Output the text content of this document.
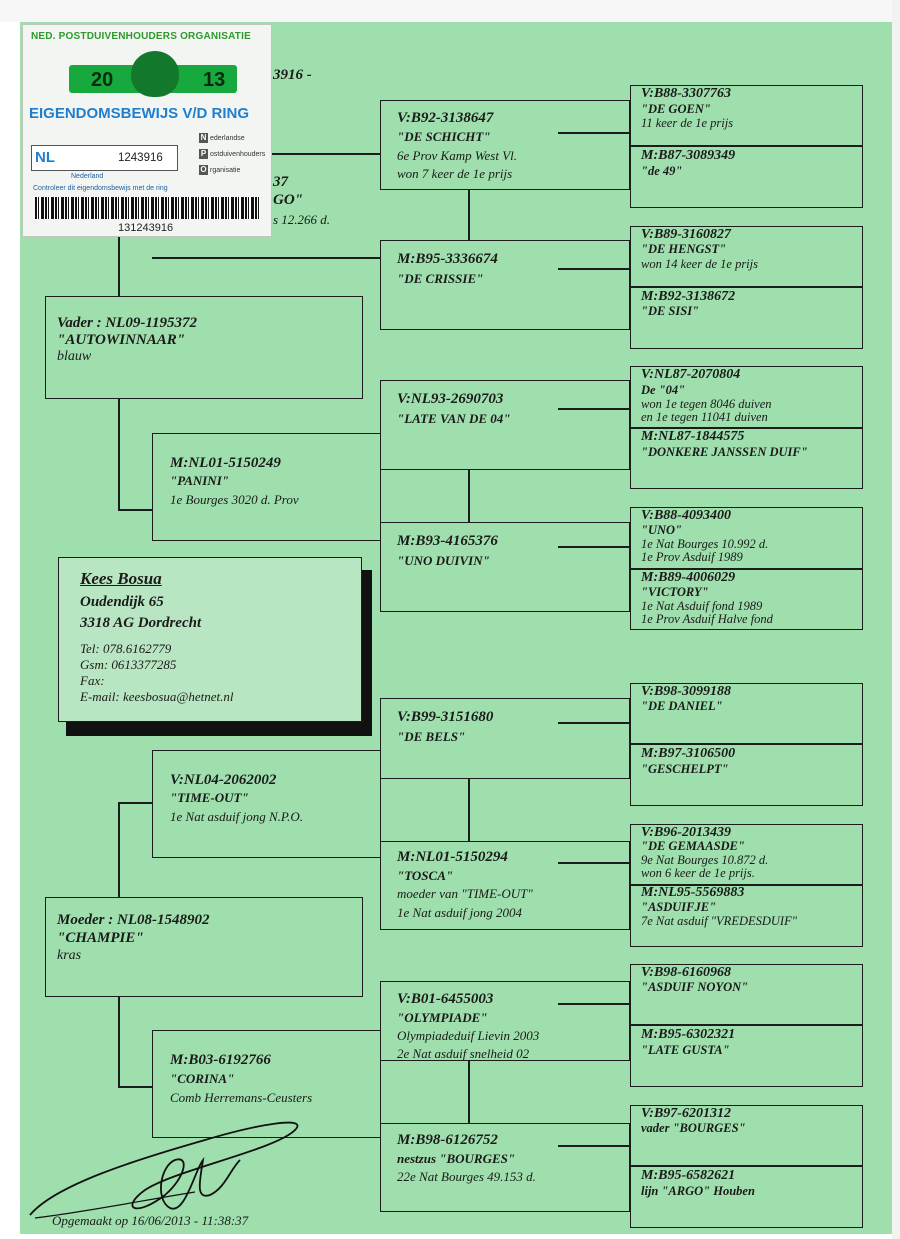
3916 -
37
GO"
s 12.266 d.
V:B92-3138647
"DE SCHICHT"
6e Prov Kamp West Vl.
won 7 keer de 1e prijs
M:B95-3336674
"DE CRISSIE"
V:NL93-2690703
"LATE VAN DE 04"
M:B93-4165376
"UNO DUIVIN"
V:B99-3151680
"DE BELS"
M:NL01-5150294
"TOSCA"
moeder van "TIME-OUT"
1e Nat asduif jong 2004
V:B01-6455003
"OLYMPIADE"
Olympiadeduif Lievin 2003
2e Nat asduif snelheid 02
M:B98-6126752
nestzus "BOURGES"
22e Nat Bourges 49.153 d.
V:B88-3307763
"DE GOEN"
11 keer de 1e prijs
M:B87-3089349
"de 49"
V:B89-3160827
"DE HENGST"
won 14 keer de 1e prijs
M:B92-3138672
"DE SISI"
V:NL87-2070804
De "04"
won 1e tegen 8046 duiven
en 1e tegen 11041 duiven
M:NL87-1844575
"DONKERE JANSSEN DUIF"
V:B88-4093400
"UNO"
1e Nat Bourges 10.992 d.
1e Prov Asduif 1989
M:B89-4006029
"VICTORY"
1e Nat Asduif fond 1989
1e Prov Asduif Halve fond
V:B98-3099188
"DE DANIEL"
M:B97-3106500
"GESCHELPT"
V:B96-2013439
"DE GEMAASDE"
9e Nat Bourges 10.872 d.
won 6 keer de 1e prijs.
M:NL95-5569883
"ASDUIFJE"
7e Nat asduif "VREDESDUIF"
V:B98-6160968
"ASDUIF NOYON"
M:B95-6302321
"LATE GUSTA"
V:B97-6201312
vader "BOURGES"
M:B95-6582621
lijn "ARGO" Houben
M:NL01-5150249
"PANINI"
1e Bourges 3020 d. Prov
V:NL04-2062002
"TIME-OUT"
1e Nat asduif jong N.P.O.
M:B03-6192766
"CORINA"
Comb Herremans-Ceusters
Vader : NL09-1195372
"AUTOWINNAAR"
blauw
Moeder : NL08-1548902
"CHAMPIE"
kras
Kees Bosua
Oudendijk 65
3318 AG Dordrecht
Tel: 078.6162779
Gsm: 0613377285
Fax:
E-mail: keesbosua@hetnet.nl
Opgemaakt op 16/06/2013 - 11:38:37
NED. POSTDUIVENHOUDERS ORGANISATIE
20	13
EIGENDOMSBEWIJS V/D RING
N ederlandse
P ostduivenhouders
O rganisatie
NL	1243916
Nederland
Controleer dit eigendomsbewijs met de ring
131243916
